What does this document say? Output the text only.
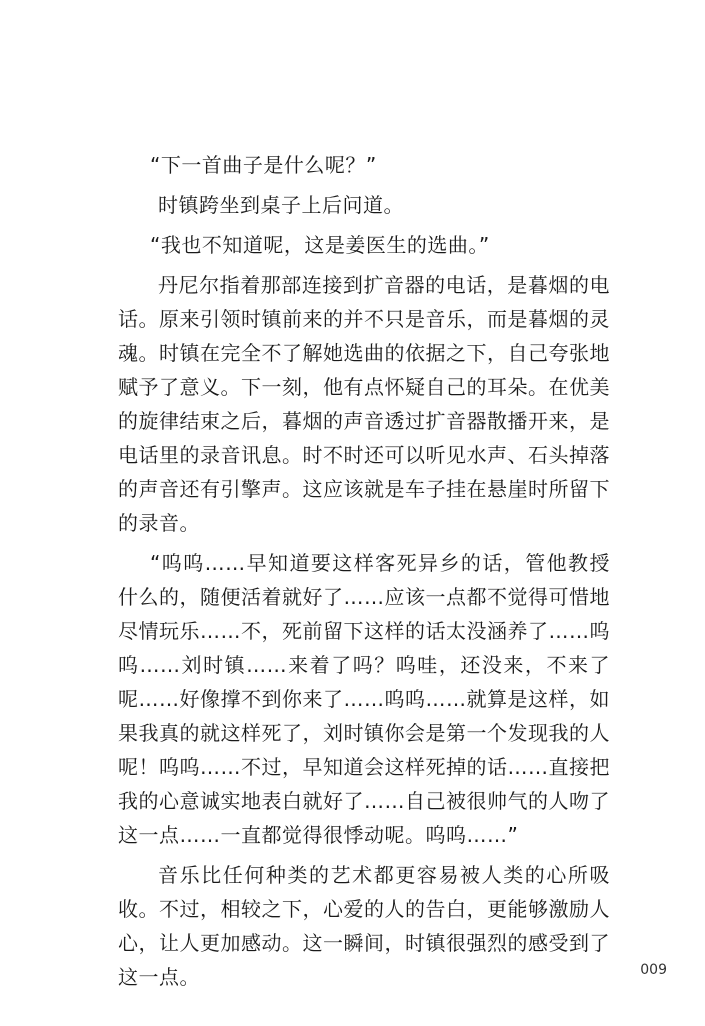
“下一首曲子是什么呢？”

时镇跨坐到桌子上后问道。

“我也不知道呢，这是姜医生的选曲。”

丹尼尔指着那部连接到扩音器的电话，是暮烟的电话。原来引领时镇前来的并不只是音乐，而是暮烟的灵魂。时镇在完全不了解她选曲的依据之下，自己夸张地赋予了意义。下一刻，他有点怀疑自己的耳朵。在优美的旋律结束之后，暮烟的声音透过扩音器散播开来，是电话里的录音讯息。时不时还可以听见水声、石头掉落的声音还有引擎声。这应该就是车子挂在悬崖时所留下的录音。

“呜呜……早知道要这样客死异乡的话，管他教授什么的，随便活着就好了……应该一点都不觉得可惜地尽情玩乐……不，死前留下这样的话太没涵养了……呜呜……刘时镇……来着了吗？呜哇，还没来，不来了呢……好像撑不到你来了……呜呜……就算是这样，如果我真的就这样死了，刘时镇你会是第一个发现我的人呢！呜呜……不过，早知道会这样死掉的话……直接把我的心意诚实地表白就好了……自己被很帅气的人吻了这一点……一直都觉得很悸动呢。呜呜……”

音乐比任何种类的艺术都更容易被人类的心所吸收。不过，相较之下，心爱的人的告白，更能够激励人心，让人更加感动。这一瞬间，时镇很强烈的感受到了这一点。	009
